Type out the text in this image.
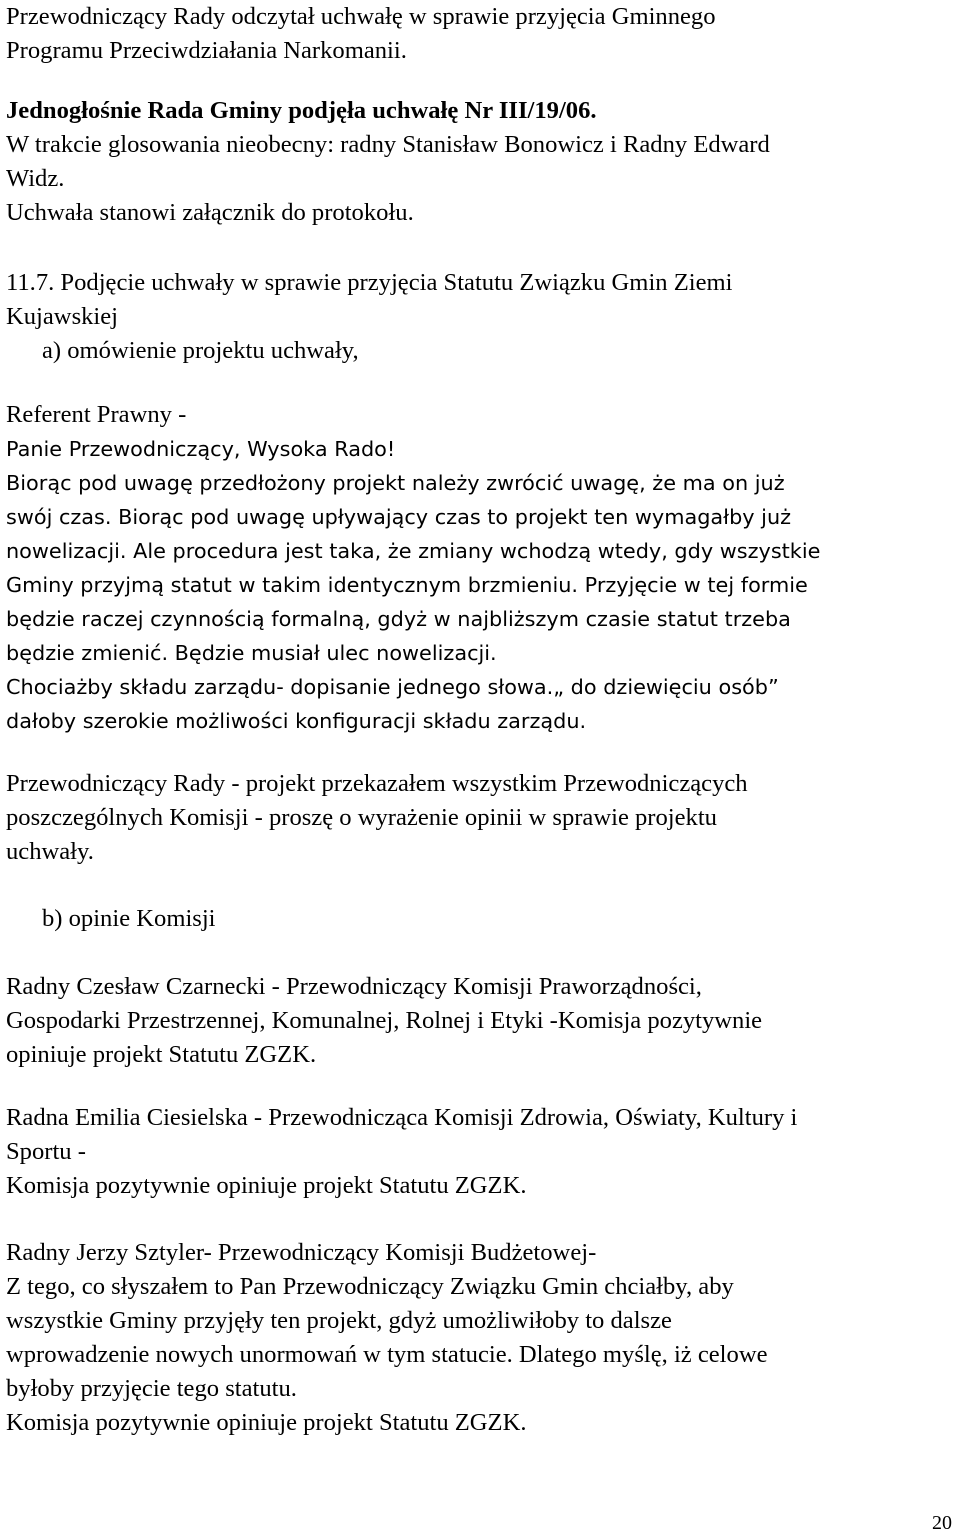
Przewodniczący Rady odczytał uchwałę w sprawie przyjęcia Gminnego
Programu Przeciwdziałania Narkomanii.
Jednogłośnie Rada Gminy podjęła uchwałę Nr III/19/06.
W trakcie glosowania nieobecny: radny Stanisław Bonowicz i Radny Edward
Widz.
Uchwała stanowi załącznik do protokołu.
11.7. Podjęcie uchwały w sprawie przyjęcia Statutu Związku Gmin Ziemi
Kujawskiej
a) omówienie projektu uchwały,
Referent Prawny -
Panie Przewodniczący, Wysoka Rado!
Biorąc pod uwagę przedłożony projekt należy zwrócić uwagę, że ma on już
swój czas. Biorąc pod uwagę upływający czas to projekt ten wymagałby już
nowelizacji. Ale procedura jest taka, że zmiany wchodzą wtedy, gdy wszystkie
Gminy przyjmą statut w takim identycznym brzmieniu. Przyjęcie w tej formie
będzie raczej czynnością formalną, gdyż w najbliższym czasie statut trzeba
będzie zmienić. Będzie musiał ulec nowelizacji.
Chociażby składu zarządu- dopisanie jednego słowa.„ do dziewięciu osób”
dałoby szerokie możliwości konfiguracji składu zarządu.
Przewodniczący Rady - projekt przekazałem wszystkim Przewodniczących
poszczególnych Komisji - proszę o wyrażenie opinii w sprawie projektu
uchwały.
b) opinie Komisji
Radny Czesław Czarnecki - Przewodniczący Komisji Praworządności,
Gospodarki Przestrzennej, Komunalnej, Rolnej i Etyki -Komisja pozytywnie
opiniuje projekt Statutu ZGZK.
Radna Emilia Ciesielska - Przewodnicząca Komisji Zdrowia, Oświaty, Kultury i
Sportu -
Komisja pozytywnie opiniuje projekt Statutu ZGZK.
Radny Jerzy Sztyler- Przewodniczący Komisji Budżetowej-
Z tego, co słyszałem to Pan Przewodniczący Związku Gmin chciałby, aby
wszystkie Gminy przyjęły ten projekt, gdyż umożliwiłoby to dalsze
wprowadzenie nowych unormowań w tym statucie. Dlatego myślę, iż celowe
byłoby przyjęcie tego statutu.
Komisja pozytywnie opiniuje projekt Statutu ZGZK.
20
